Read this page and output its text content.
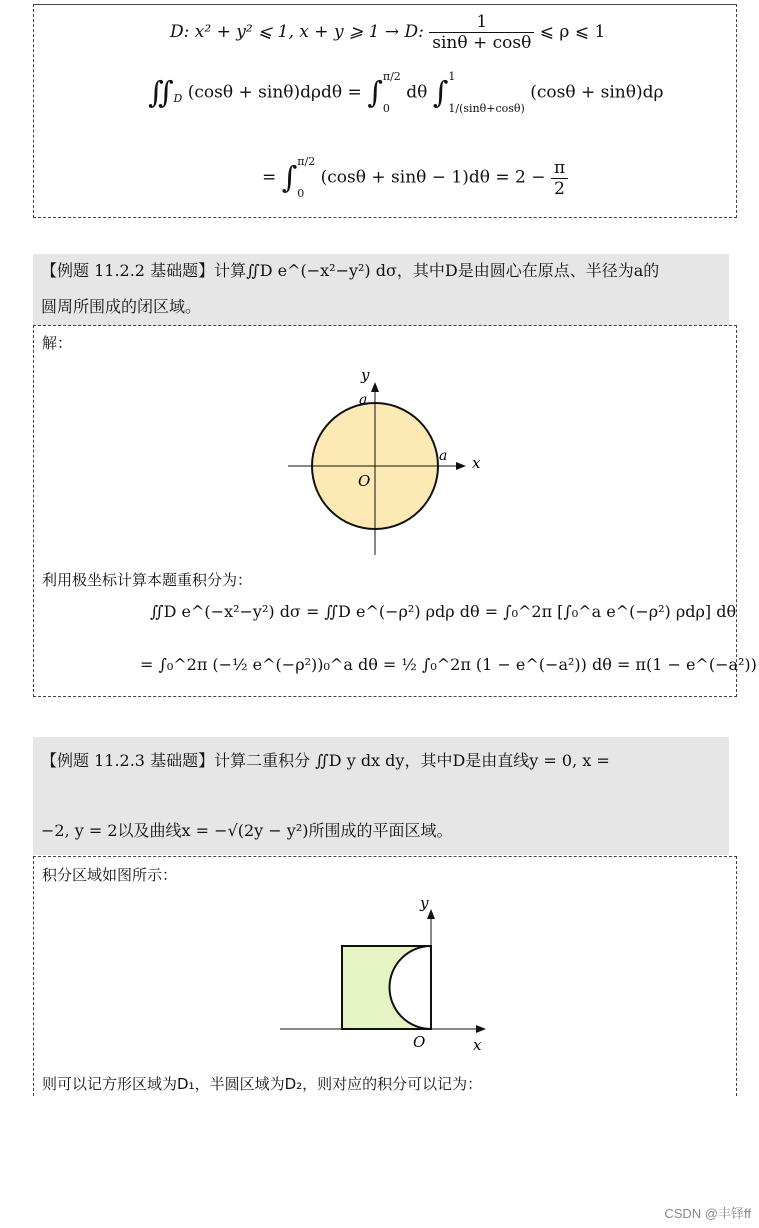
D: x² + y² ⩽ 1, x + y ⩾ 1 → D: $\frac{1}{\sin\theta + \cos\theta}$ ⩽ ρ ⩽ 1
$∬_D$ (cosθ + sinθ)dρdθ = ∫ π/2
0
dθ ∫ 1
1/(sinθ+cosθ)
(cosθ + sinθ)dρ
= ∫ π/2
0
$(\cos\theta + \sin\theta - 1)d\theta = 2 - \frac{\pi}{2}$
【例题 11.2.2 基础题】计算∬D e^(−x²−y²) dσ，其中D是由圆心在原点、半径为a的
圆周所围成的闭区域。
解：
y
x
O
a
a
y
x
O
利用极坐标计算本题重积分为：
∬D e^(−x²−y²) dσ = ∬D e^(−ρ²) ρdρ dθ = ∫₀^2π [∫₀^a e^(−ρ²) ρdρ] dθ
= ∫₀^2π (−½ e^(−ρ²))₀^a dθ = ½ ∫₀^2π (1 − e^(−a²)) dθ = π(1 − e^(−a²))
【例题 11.2.3 基础题】计算二重积分 ∬D y dx dy，其中D是由直线y = 0, x =
−2, y = 2以及曲线x = −√(2y − y²)所围成的平面区域。
积分区域如图所示：
则可以记方形区域为D₁，半圆区域为D₂，则对应的积分可以记为：
CSDN @丰铎ff
